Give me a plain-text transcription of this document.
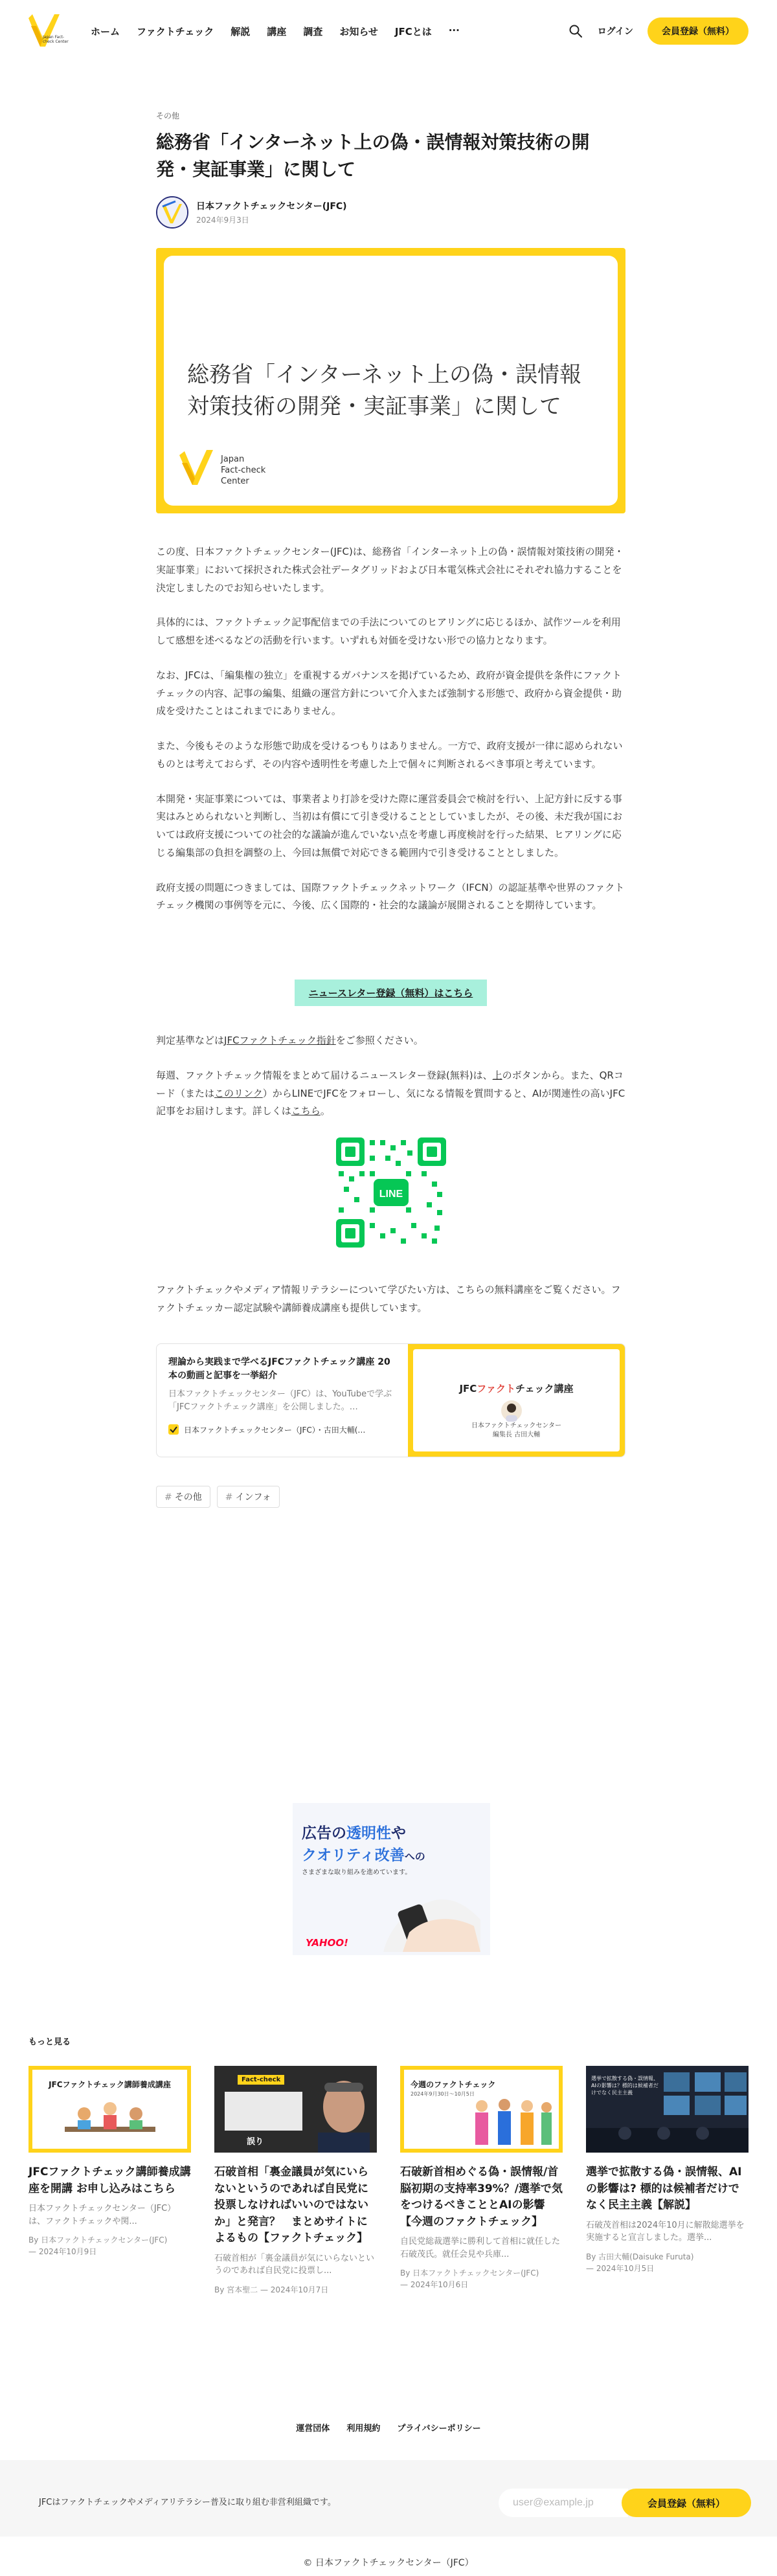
Japan Fact-check Center
ホーム ファクトチェック 解説 講座 調査 お知らせ JFCとは ···	ログイン	会員登録（無料）
その他
総務省「インターネット上の偽・誤情報対策技術の開発・実証事業」に関して
日本ファクトチェックセンター(JFC)
2024年9月3日
総務省「インターネット上の偽・誤情報対策技術の開発・実証事業」に関して
Japan
Fact-check
Center

この度、日本ファクトチェックセンター(JFC)は、総務省「インターネット上の偽・誤情報対策技術の開発・実証事業」において採択された株式会社データグリッドおよび日本電気株式会社にそれぞれ協力することを決定しましたのでお知らせいたします。

具体的には、ファクトチェック記事配信までの手法についてのヒアリングに応じるほか、試作ツールを利用して感想を述べるなどの活動を行います。いずれも対価を受けない形での協力となります。

なお、JFCは、「編集権の独立」を重視するガバナンスを掲げているため、政府が資金提供を条件にファクトチェックの内容、記事の編集、組織の運営方針について介入またば強制する形態で、政府から資金提供・助成を受けたことはこれまでにありません。

また、今後もそのような形態で助成を受けるつもりはありません。一方で、政府支援が一律に認められないものとは考えておらず、その内容や透明性を考慮した上で個々に判断されるべき事項と考えています。

本開発・実証事業については、事業者より打診を受けた際に運営委員会で検討を行い、上記方針に反する事実はみとめられないと判断し、当初は有償にて引き受けることとしていましたが、その後、未だ我が国においては政府支援についての社会的な議論が進んでいない点を考慮し再度検討を行った結果、ヒアリングに応じる編集部の負担を調整の上、今回は無償で対応できる範囲内で引き受けることとしました。

政府支援の問題につきましては、国際ファクトチェックネットワーク（IFCN）の認証基準や世界のファクトチェック機関の事例等を元に、今後、広く国際的・社会的な議論が展開されることを期待しています。

ニュースレター登録（無料）はこちら

判定基準などはJFCファクトチェック指針をご参照ください。

毎週、ファクトチェック情報をまとめて届けるニュースレター登録(無料)は、上のボタンから。また、QRコード（またはこのリンク）からLINEでJFCをフォローし、気になる情報を質問すると、AIが関連性の高いJFC記事をお届けします。詳しくはこちら。

LINE
ファクトチェックやメディア情報リテラシーについて学びたい方は、こちらの無料講座をご覧ください。ファクトチェッカー認定試験や講師養成講座も提供しています。
理論から実践まで学べるJFCファクトチェック講座 20本の動画と記事を一挙紹介
日本ファクトチェックセンター（JFC）は、YouTubeで学ぶ「JFCファクトチェック講座」を公開しました。…
日本ファクトチェックセンター（JFC）・古田大輔(…
JFCファクトチェック講座
日本ファクトチェックセンター
編集長 古田大輔
# その他	# インフォ
広告の透明性や
クオリティ改善への
さまざまな取り組みを進めています。
YAHOO!
もっと見る
JFCファクトチェック講師養成講座
JFCファクトチェック講師養成講座を開講 お申し込みはこちら
日本ファクトチェックセンター（JFC）は、ファクトチェックや関...
By 日本ファクトチェックセンター(JFC)
— 2024年10月9日
Fact-check
誤り
石破首相「裏金議員が気にいらないというのであれば自民党に投票しなければいいのではないか」と発言？　まとめサイトによるもの【ファクトチェック】
石破首相が「裏金議員が気にいらないというのであれば自民党に投票し...
By 宮本聖二 — 2024年10月7日
今週のファクトチェック
2024年9月30日〜10月5日
石破新首相めぐる偽・誤情報/首脳初期の支持率39%？/選挙で気をつけるべきこととAIの影響【今週のファクトチェック】
自民党総裁選挙に勝利して首相に就任した石破茂氏。就任会見や兵庫...
By 日本ファクトチェックセンター(JFC)
— 2024年10月6日
選挙で拡散する偽・誤情報、AIの影響は？標的は候補者だけでなく民主主義
選挙で拡散する偽・誤情報、AIの影響は? 標的は候補者だけでなく民主主義【解説】
石破茂首相は2024年10月に解散総選挙を実施すると宣言しました。選挙...
By 古田大輔(Daisuke Furuta)
— 2024年10月5日
運営団体 利用規約 プライバシーポリシー
JFCはファクトチェックやメディアリテラシー普及に取り組む非営利組織です。
user@example.jp	会員登録（無料）
© 日本ファクトチェックセンター（JFC）
